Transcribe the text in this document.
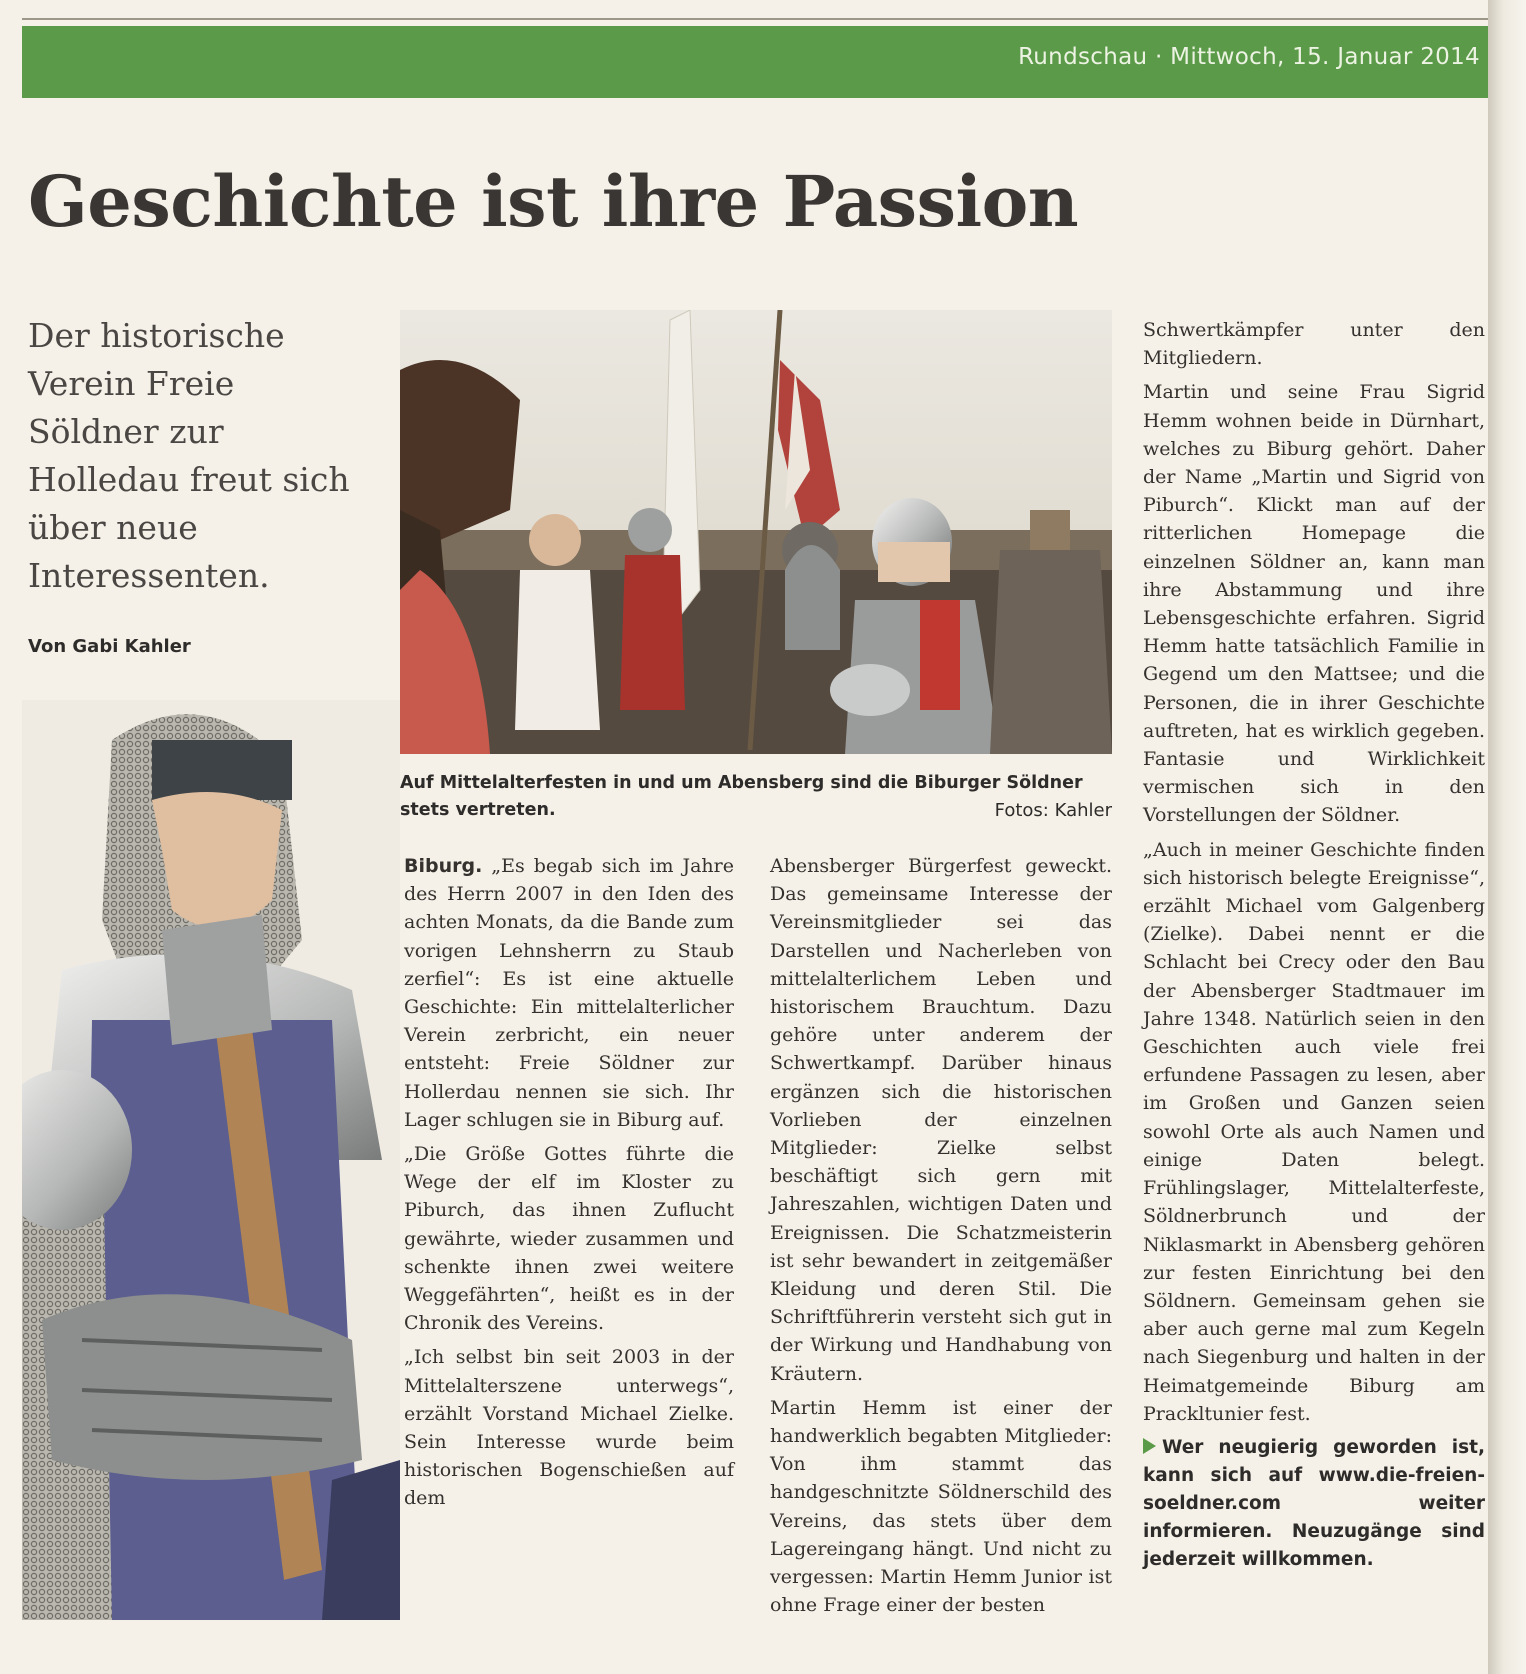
Rundschau · Mittwoch, 15. Januar 2014
Geschichte ist ihre Passion

Der historische Verein Freie Söldner zur Holledau freut sich über neue Interessenten.

Von Gabi Kahler

Auf Mittelalterfesten in und um Abensberg sind die Biburger Söldner stets vertreten.	Fotos: Kahler

Biburg. „Es begab sich im Jahre des Herrn 2007 in den Iden des achten Monats, da die Bande zum vorigen Lehnsherrn zu Staub zerfiel“: Es ist eine aktuelle Geschichte: Ein mittelalterlicher Verein zerbricht, ein neuer entsteht: Freie Söldner zur Hollerdau nennen sie sich. Ihr Lager schlugen sie in Biburg auf.

„Die Größe Gottes führte die Wege der elf im Kloster zu Piburch, das ihnen Zuflucht gewährte, wieder zusammen und schenkte ihnen zwei weitere Weggefährten“, heißt es in der Chronik des Vereins.

„Ich selbst bin seit 2003 in der Mittelalterszene unterwegs“, erzählt Vorstand Michael Zielke. Sein Interesse wurde beim historischen Bogenschießen auf dem

Abensberger Bürgerfest geweckt. Das gemeinsame Interesse der Vereinsmitglieder sei das Darstellen und Nacherleben von mittelalterlichem Leben und historischem Brauchtum. Dazu gehöre unter anderem der Schwertkampf. Darüber hinaus ergänzen sich die historischen Vorlieben der einzelnen Mitglieder: Zielke selbst beschäftigt sich gern mit Jahreszahlen, wichtigen Daten und Ereignissen. Die Schatzmeisterin ist sehr bewandert in zeitgemäßer Kleidung und deren Stil. Die Schriftführerin versteht sich gut in der Wirkung und Handhabung von Kräutern.

Martin Hemm ist einer der handwerklich begabten Mitglieder: Von ihm stammt das handgeschnitzte Söldnerschild des Vereins, das stets über dem Lagereingang hängt. Und nicht zu vergessen: Martin Hemm Junior ist ohne Frage einer der besten

Schwertkämpfer unter den Mitgliedern.

Martin und seine Frau Sigrid Hemm wohnen beide in Dürnhart, welches zu Biburg gehört. Daher der Name „Martin und Sigrid von Piburch“. Klickt man auf der ritterlichen Homepage die einzelnen Söldner an, kann man ihre Abstammung und ihre Lebensgeschichte erfahren. Sigrid Hemm hatte tatsächlich Familie in Gegend um den Mattsee; und die Personen, die in ihrer Geschichte auftreten, hat es wirklich gegeben. Fantasie und Wirklichkeit vermischen sich in den Vorstellungen der Söldner.

„Auch in meiner Geschichte finden sich historisch belegte Ereignisse“, erzählt Michael vom Galgenberg (Zielke). Dabei nennt er die Schlacht bei Crecy oder den Bau der Abensberger Stadtmauer im Jahre 1348. Natürlich seien in den Geschichten auch viele frei erfundene Passagen zu lesen, aber im Großen und Ganzen seien sowohl Orte als auch Namen und einige Daten belegt. Frühlingslager, Mittelalterfeste, Söldnerbrunch und der Niklasmarkt in Abensberg gehören zur festen Einrichtung bei den Söldnern. Gemeinsam gehen sie aber auch gerne mal zum Kegeln nach Siegenburg und halten in der Heimatgemeinde Biburg am Prackltunier fest.

Wer neugierig geworden ist, kann sich auf www.die-freien-soeldner.com weiter informieren. Neuzugänge sind jederzeit willkommen.
